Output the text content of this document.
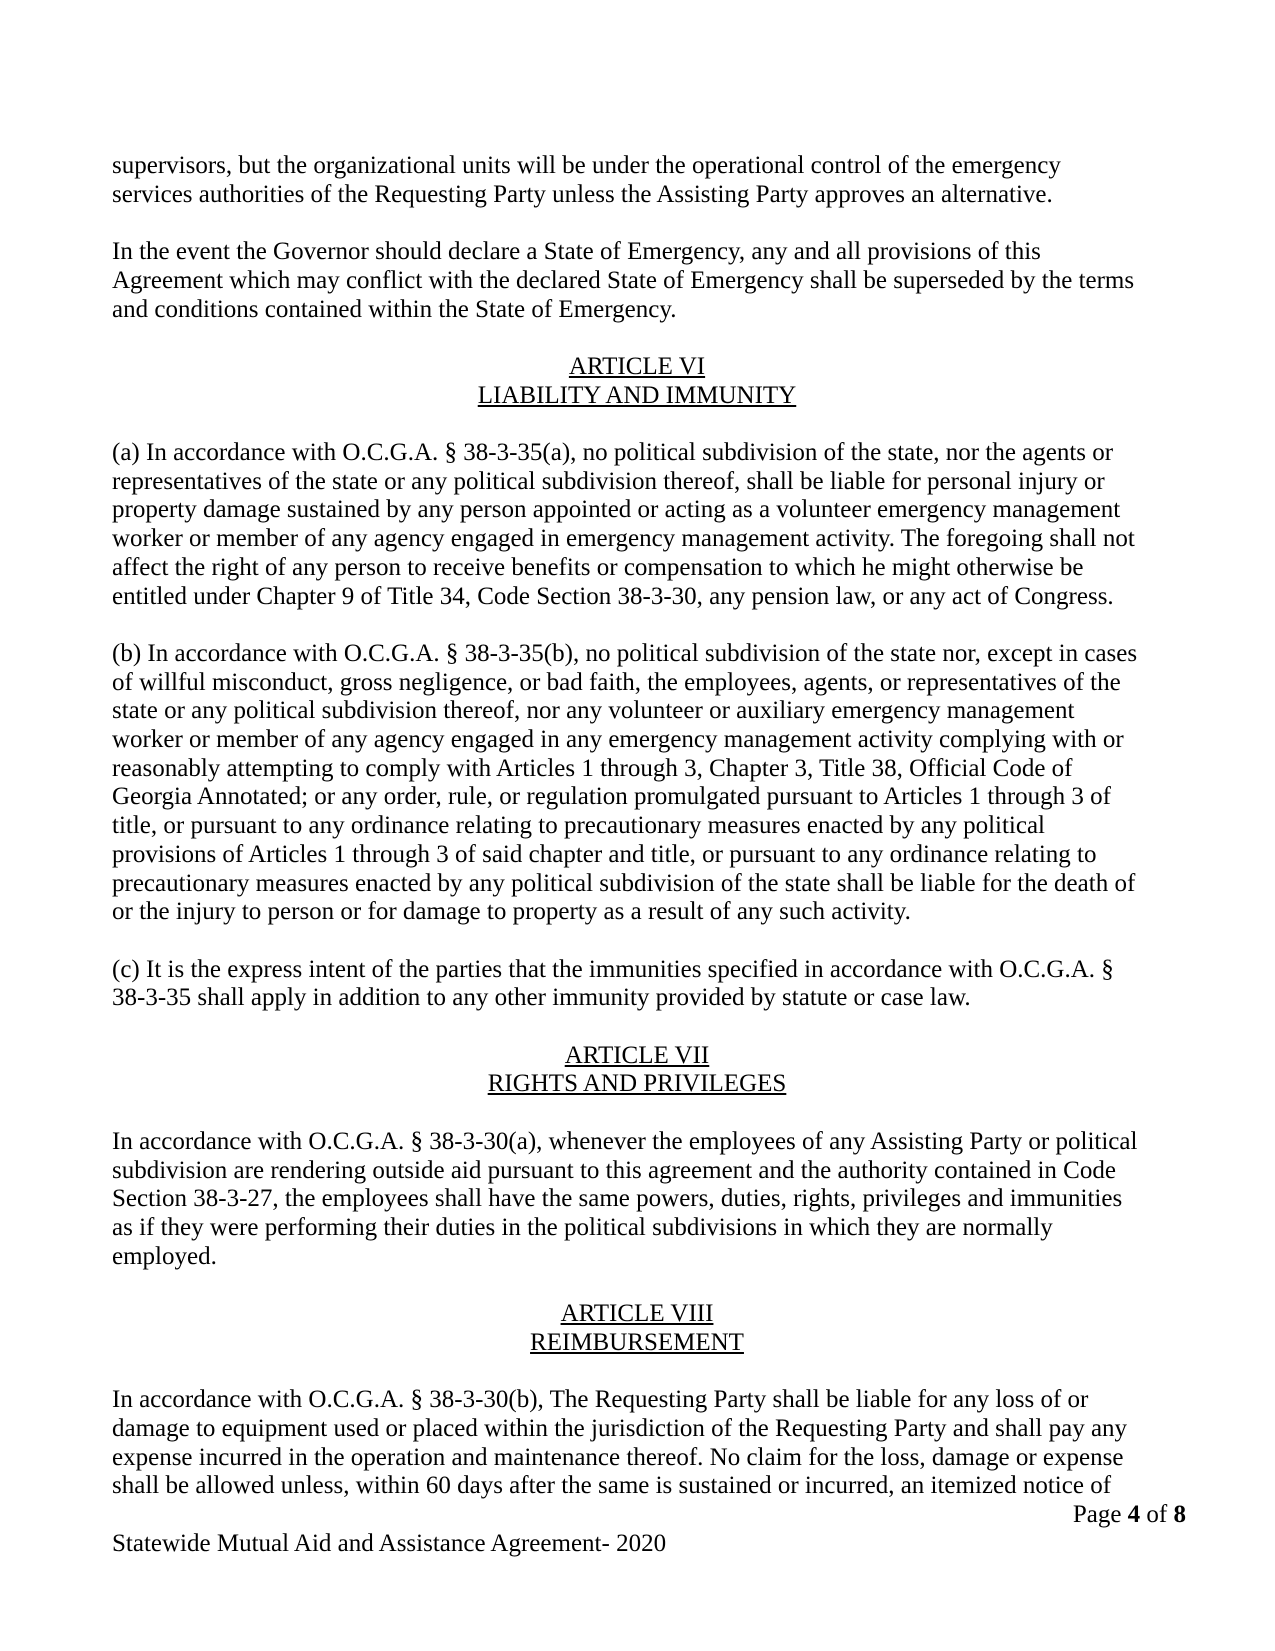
supervisors, but the organizational units will be under the operational control of the emergency
services authorities of the Requesting Party unless the Assisting Party approves an alternative.

In the event the Governor should declare a State of Emergency, any and all provisions of this
Agreement which may conflict with the declared State of Emergency shall be superseded by the terms
and conditions contained within the State of Emergency.

ARTICLE VI
LIABILITY AND IMMUNITY

(a) In accordance with O.C.G.A. § 38-3-35(a), no political subdivision of the state, nor the agents or
representatives of the state or any political subdivision thereof, shall be liable for personal injury or
property damage sustained by any person appointed or acting as a volunteer emergency management
worker or member of any agency engaged in emergency management activity. The foregoing shall not
affect the right of any person to receive benefits or compensation to which he might otherwise be
entitled under Chapter 9 of Title 34, Code Section 38-3-30, any pension law, or any act of Congress.

(b) In accordance with O.C.G.A. § 38-3-35(b), no political subdivision of the state nor, except in cases
of willful misconduct, gross negligence, or bad faith, the employees, agents, or representatives of the
state or any political subdivision thereof, nor any volunteer or auxiliary emergency management
worker or member of any agency engaged in any emergency management activity complying with or
reasonably attempting to comply with Articles 1 through 3, Chapter 3, Title 38, Official Code of
Georgia Annotated; or any order, rule, or regulation promulgated pursuant to Articles 1 through 3 of
title, or pursuant to any ordinance relating to precautionary measures enacted by any political
provisions of Articles 1 through 3 of said chapter and title, or pursuant to any ordinance relating to
precautionary measures enacted by any political subdivision of the state shall be liable for the death of
or the injury to person or for damage to property as a result of any such activity.

(c) It is the express intent of the parties that the immunities specified in accordance with O.C.G.A. §
38-3-35 shall apply in addition to any other immunity provided by statute or case law.

ARTICLE VII
RIGHTS AND PRIVILEGES

In accordance with O.C.G.A. § 38-3-30(a), whenever the employees of any Assisting Party or political
subdivision are rendering outside aid pursuant to this agreement and the authority contained in Code
Section 38-3-27, the employees shall have the same powers, duties, rights, privileges and immunities
as if they were performing their duties in the political subdivisions in which they are normally
employed.

ARTICLE VIII
REIMBURSEMENT

In accordance with O.C.G.A. § 38-3-30(b), The Requesting Party shall be liable for any loss of or
damage to equipment used or placed within the jurisdiction of the Requesting Party and shall pay any
expense incurred in the operation and maintenance thereof. No claim for the loss, damage or expense
shall be allowed unless, within 60 days after the same is sustained or incurred, an itemized notice of

Page 4 of 8
Statewide Mutual Aid and Assistance Agreement- 2020
